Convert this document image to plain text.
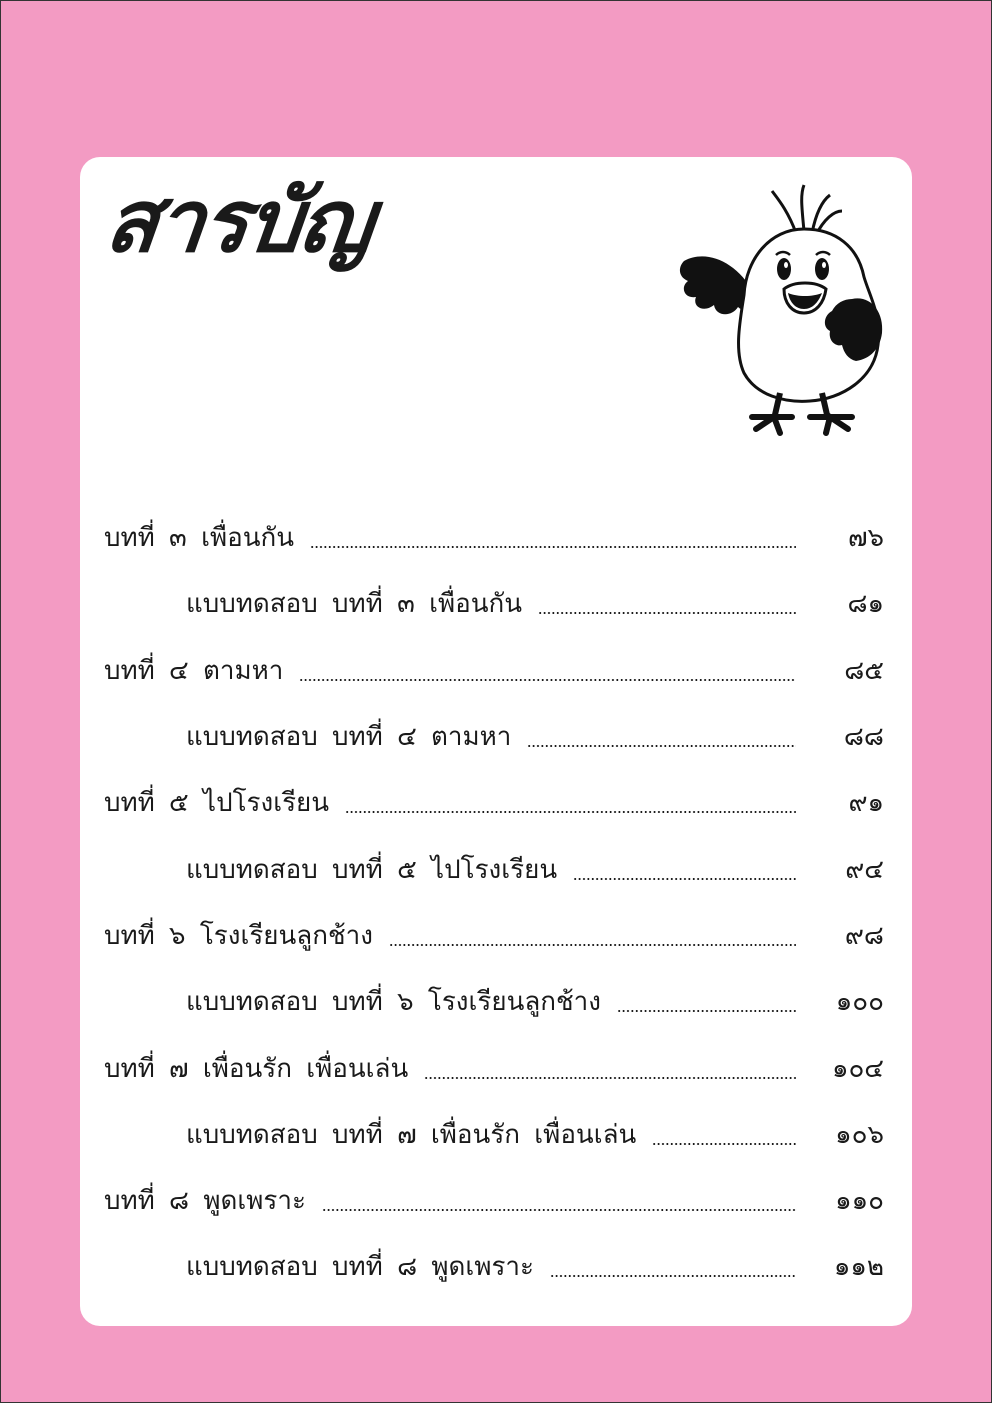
สารบัญ
บทที่ ๓ เพื่อนกัน	๗๖
แบบทดสอบ บทที่ ๓ เพื่อนกัน	๘๑
บทที่ ๔ ตามหา	๘๕
แบบทดสอบ บทที่ ๔ ตามหา	๘๘
บทที่ ๕ ไปโรงเรียน	๙๑
แบบทดสอบ บทที่ ๕ ไปโรงเรียน	๙๔
บทที่ ๖ โรงเรียนลูกช้าง	๙๘
แบบทดสอบ บทที่ ๖ โรงเรียนลูกช้าง	๑๐๐
บทที่ ๗ เพื่อนรัก เพื่อนเล่น	๑๐๔
แบบทดสอบ บทที่ ๗ เพื่อนรัก เพื่อนเล่น	๑๐๖
บทที่ ๘ พูดเพราะ	๑๑๐
แบบทดสอบ บทที่ ๘ พูดเพราะ	๑๑๒
